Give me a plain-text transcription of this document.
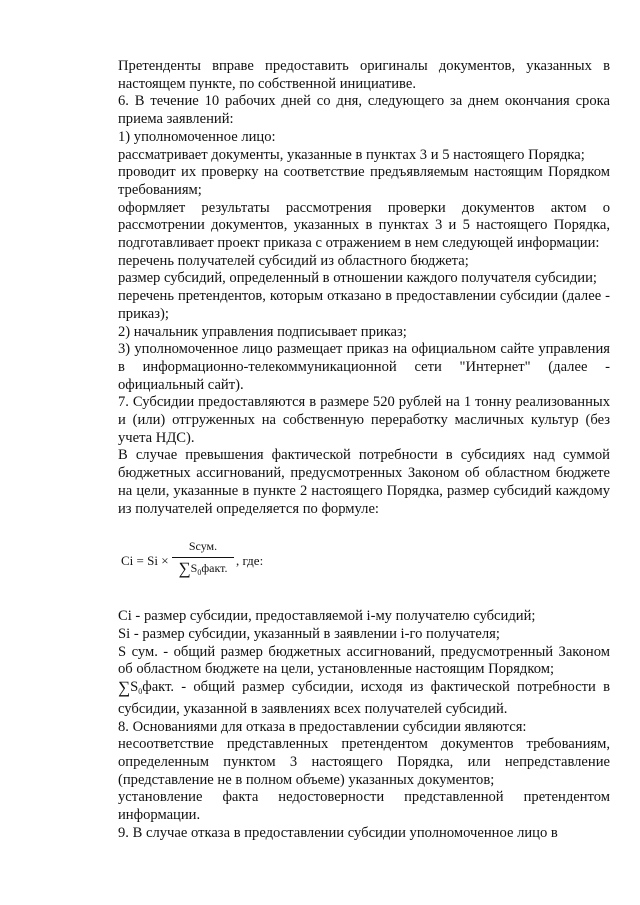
Претенденты вправе предоставить оригиналы документов, указанных в настоящем пункте, по собственной инициативе.

6. В течение 10 рабочих дней со дня, следующего за днем окончания срока приема заявлений:

1) уполномоченное лицо:

рассматривает документы, указанные в пунктах 3 и 5 настоящего Порядка;

проводит их проверку на соответствие предъявляемым настоящим Порядком требованиям;

оформляет результаты рассмотрения проверки документов актом о рассмотрении документов, указанных в пунктах 3 и 5 настоящего Порядка, подготавливает проект приказа с отражением в нем следующей информации:

перечень получателей субсидий из областного бюджета;

размер субсидий, определенный в отношении каждого получателя субсидии;

перечень претендентов, которым отказано в предоставлении субсидии (далее - приказ);

2) начальник управления подписывает приказ;

3) уполномоченное лицо размещает приказ на официальном сайте управления в информационно-телекоммуникационной сети "Интернет" (далее - официальный сайт).

7. Субсидии предоставляются в размере 520 рублей на 1 тонну реализованных и (или) отгруженных на собственную переработку масличных культур (без учета НДС).

В случае превышения фактической потребности в субсидиях над суммой бюджетных ассигнований, предусмотренных Законом об областном бюджете на цели, указанные в пункте 2 настоящего Порядка, размер субсидий каждому из получателей определяется по формуле:

Ci = Si ×
Sсум.
$\sum S_0факт$. , где:

Ci - размер субсидии, предоставляемой i-му получателю субсидий;

Si - размер субсидии, указанный в заявлении i-го получателя;

S сум. - общий размер бюджетных ассигнований, предусмотренный Законом об областном бюджете на цели, установленные настоящим Порядком;

$\sum S_0факт$. - общий размер субсидии, исходя из фактической потребности в субсидии, указанной в заявлениях всех получателей субсидий.

8. Основаниями для отказа в предоставлении субсидии являются:

несоответствие представленных претендентом документов требованиям, определенным пунктом 3 настоящего Порядка, или непредставление (представление не в полном объеме) указанных документов;

установление факта недостоверности представленной претендентом информации.

9. В случае отказа в предоставлении субсидии уполномоченное лицо в
